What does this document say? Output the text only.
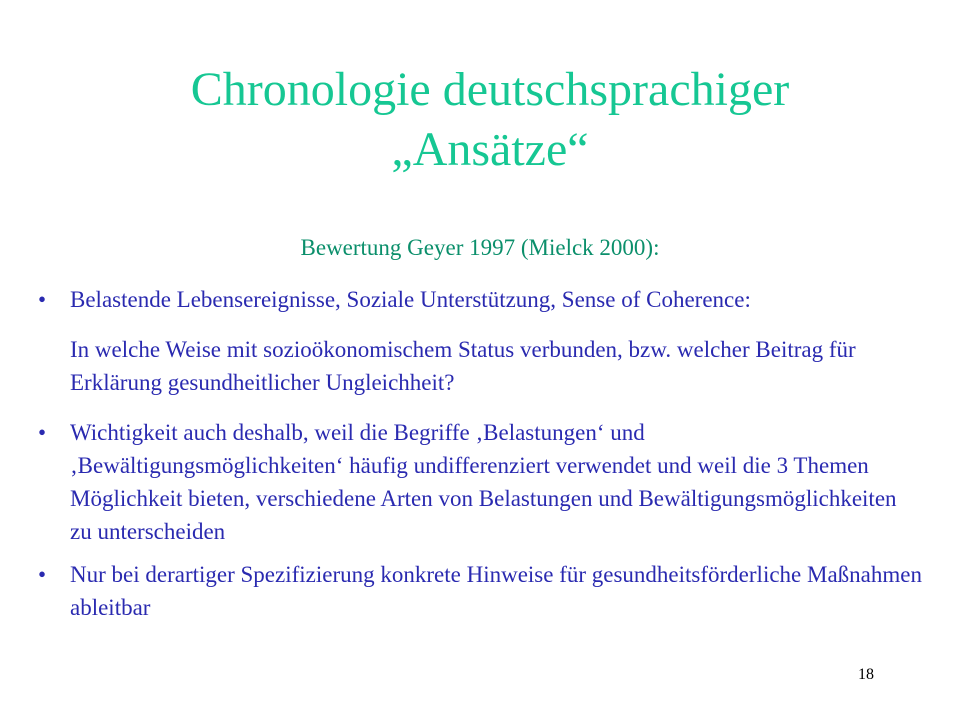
Chronologie deutschsprachiger
„Ansätze“
Bewertung Geyer 1997 (Mielck 2000):
• Belastende Lebensereignisse, Soziale Unterstützung, Sense of Coherence:
In welche Weise mit sozioökonomischem Status verbunden, bzw. welcher Beitrag für Erklärung gesundheitlicher Ungleichheit?
• Wichtigkeit auch deshalb, weil die Begriffe ‚Belastungen‘ und ‚Bewältigungsmöglichkeiten‘ häufig undifferenziert verwendet und weil die 3 Themen Möglichkeit bieten, verschiedene Arten von Belastungen und Bewältigungsmöglichkeiten zu unterscheiden
• Nur bei derartiger Spezifizierung konkrete Hinweise für gesundheitsförderliche Maßnahmen ableitbar
18
